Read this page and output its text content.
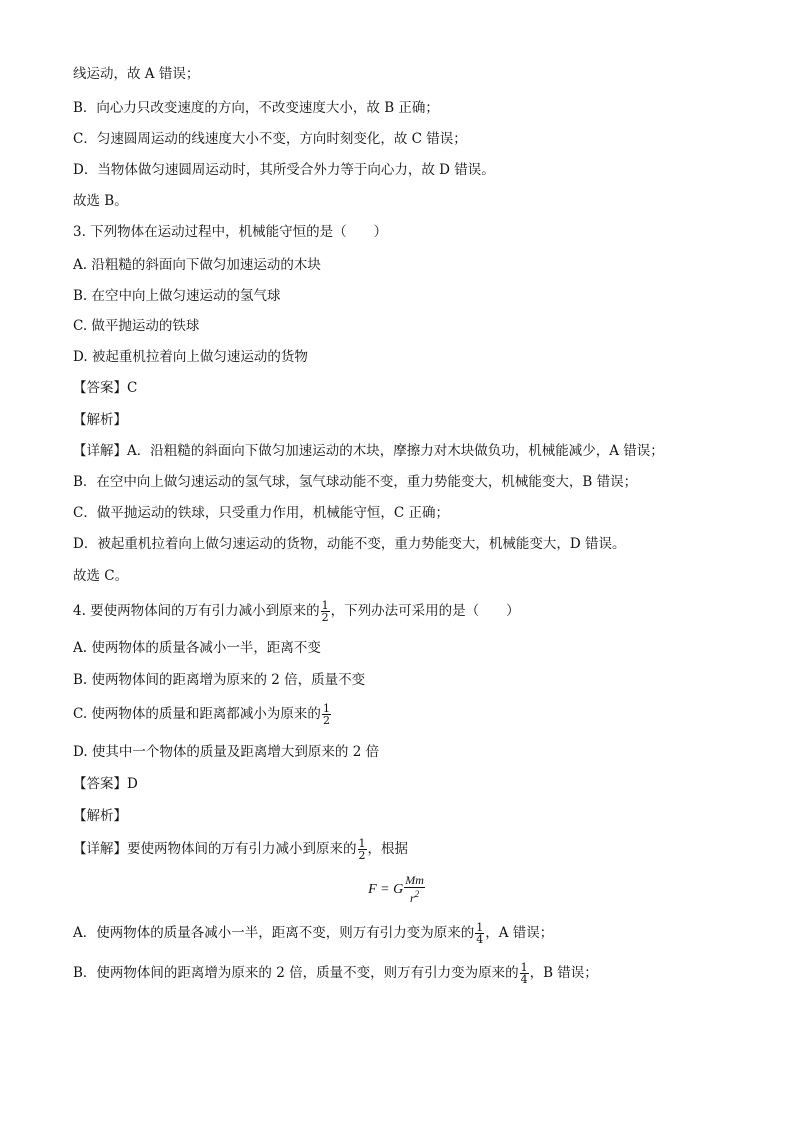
线运动，故 A 错误；
B．向心力只改变速度的方向，不改变速度大小，故 B 正确；
C．匀速圆周运动的线速度大小不变，方向时刻变化，故 C 错误；
D．当物体做匀速圆周运动时，其所受合外力等于向心力，故 D 错误。
故选 B。
3. 下列物体在运动过程中，机械能守恒的是（　　）
A. 沿粗糙的斜面向下做匀加速运动的木块
B. 在空中向上做匀速运动的氢气球
C. 做平抛运动的铁球
D. 被起重机拉着向上做匀速运动的货物
【答案】C
【解析】
【详解】A．沿粗糙的斜面向下做匀加速运动的木块，摩擦力对木块做负功，机械能减少，A 错误；
B．在空中向上做匀速运动的氢气球，氢气球动能不变，重力势能变大，机械能变大，B 错误；
C．做平抛运动的铁球，只受重力作用，机械能守恒，C 正确；
D．被起重机拉着向上做匀速运动的货物，动能不变，重力势能变大，机械能变大，D 错误。
故选 C。
4. 要使两物体间的万有引力减小到原来的 $\frac{1}{2}$ ，下列办法可采用的是（　　）
A. 使两物体的质量各减小一半，距离不变
B. 使两物体间的距离增为原来的 2 倍，质量不变
C. 使两物体的质量和距离都减小为原来的 $\frac{1}{2}$
D. 使其中一个物体的质量及距离增大到原来的 2 倍
【答案】D
【解析】
【详解】要使两物体间的万有引力减小到原来的 $\frac{1}{2}$ ，根据
F = G $\frac{Mm}{r^2}$
A．使两物体的质量各减小一半，距离不变，则万有引力变为原来的 $\frac{1}{4}$ ，A 错误；
B．使两物体间的距离增为原来的 2 倍，质量不变，则万有引力变为原来的 $\frac{1}{4}$ ，B 错误；
